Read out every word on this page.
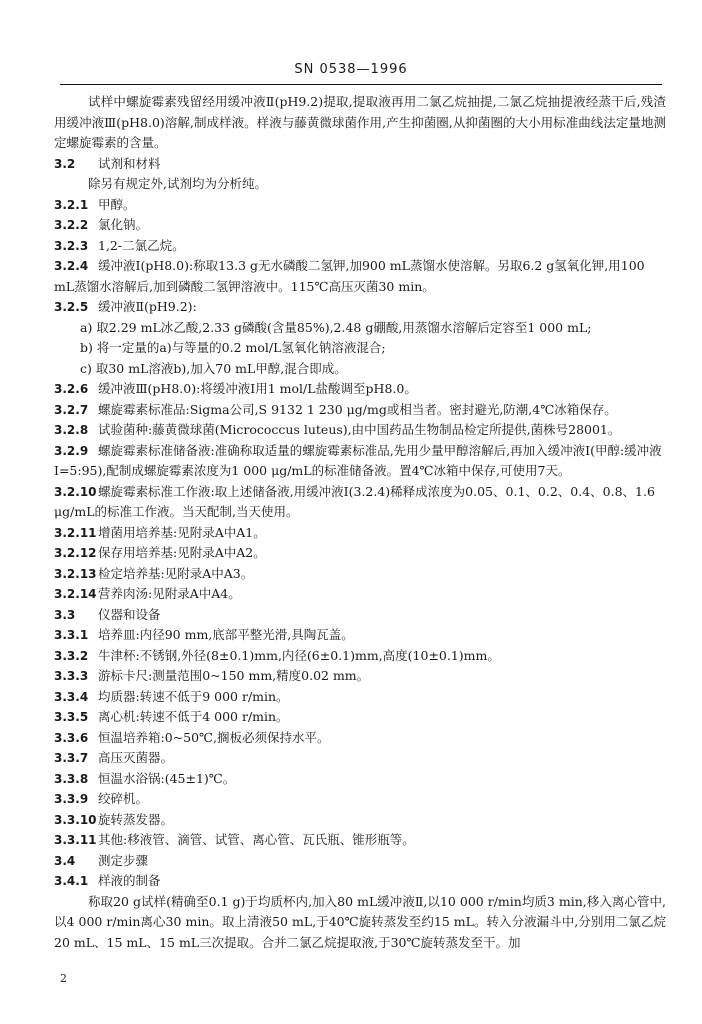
SN 0538—1996
试样中螺旋霉素残留经用缓冲液Ⅱ(pH9.2)提取,提取液再用二氯乙烷抽提,二氯乙烷抽提液经蒸干后,残渣用缓冲液Ⅲ(pH8.0)溶解,制成样液。样液与藤黄微球菌作用,产生抑菌圈,从抑菌圈的大小用标准曲线法定量地测定螺旋霉素的含量。
3.2 试剂和材料
除另有规定外,试剂均为分析纯。
3.2.1 甲醇。
3.2.2 氯化钠。
3.2.3 1,2-二氯乙烷。
3.2.4 缓冲液Ⅰ(pH8.0):称取13.3 g无水磷酸二氢钾,加900 mL蒸馏水使溶解。另取6.2 g氢氧化钾,用100 mL蒸馏水溶解后,加到磷酸二氢钾溶液中。115℃高压灭菌30 min。
3.2.5 缓冲液Ⅱ(pH9.2):
a) 取2.29 mL冰乙酸,2.33 g磷酸(含量85%),2.48 g硼酸,用蒸馏水溶解后定容至1 000 mL;
b) 将一定量的a)与等量的0.2 mol/L氢氧化钠溶液混合;
c) 取30 mL溶液b),加入70 mL甲醇,混合即成。
3.2.6 缓冲液Ⅲ(pH8.0):将缓冲液Ⅰ用1 mol/L盐酸调至pH8.0。
3.2.7 螺旋霉素标准品:Sigma公司,S 9132 1 230 μg/mg或相当者。密封避光,防潮,4℃冰箱保存。
3.2.8 试验菌种:藤黄微球菌(Micrococcus luteus),由中国药品生物制品检定所提供,菌株号28001。
3.2.9 螺旋霉素标准储备液:准确称取适量的螺旋霉素标准品,先用少量甲醇溶解后,再加入缓冲液Ⅰ(甲醇:缓冲液Ⅰ=5:95),配制成螺旋霉素浓度为1 000 μg/mL的标准储备液。置4℃冰箱中保存,可使用7天。
3.2.10螺旋霉素标准工作液:取上述储备液,用缓冲液Ⅰ(3.2.4)稀释成浓度为0.05、0.1、0.2、0.4、0.8、1.6 μg/mL的标准工作液。当天配制,当天使用。
3.2.11增菌用培养基:见附录A中A1。
3.2.12保存用培养基:见附录A中A2。
3.2.13检定培养基:见附录A中A3。
3.2.14营养肉汤:见附录A中A4。
3.3 仪器和设备
3.3.1 培养皿:内径90 mm,底部平整光滑,具陶瓦盖。
3.3.2 牛津杯:不锈钢,外径(8±0.1)mm,内径(6±0.1)mm,高度(10±0.1)mm。
3.3.3 游标卡尺:测量范围0~150 mm,精度0.02 mm。
3.3.4 均质器:转速不低于9 000 r/min。
3.3.5 离心机:转速不低于4 000 r/min。
3.3.6 恒温培养箱:0~50℃,搁板必须保持水平。
3.3.7 高压灭菌器。
3.3.8 恒温水浴锅:(45±1)℃。
3.3.9 绞碎机。
3.3.10旋转蒸发器。
3.3.11其他:移液管、滴管、试管、离心管、瓦氏瓶、锥形瓶等。
3.4 测定步骤
3.4.1 样液的制备
称取20 g试样(精确至0.1 g)于均质杯内,加入80 mL缓冲液Ⅱ,以10 000 r/min均质3 min,移入离心管中,以4 000 r/min离心30 min。取上清液50 mL,于40℃旋转蒸发至约15 mL。转入分液漏斗中,分别用二氯乙烷20 mL、15 mL、15 mL三次提取。合并二氯乙烷提取液,于30℃旋转蒸发至干。加
2
